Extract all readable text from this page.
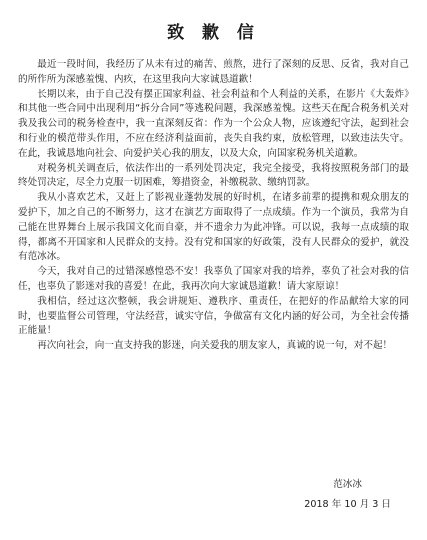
致 歉 信

最近一段时间，我经历了从未有过的痛苦、煎熬，进行了深刻的反思、反省，我对自己的所作所为深感羞愧、内疚，在这里我向大家诚恳道歉！

长期以来，由于自己没有摆正国家利益、社会利益和个人利益的关系，在影片《大轰炸》和其他一些合同中出现利用“拆分合同”等逃税问题，我深感羞愧。这些天在配合税务机关对我及我公司的税务检查中，我一直深刻反省：作为一个公众人物，应该遵纪守法，起到社会和行业的模范带头作用，不应在经济利益面前，丧失自我约束，放松管理，以致违法失守。在此，我诚恳地向社会、向爱护关心我的朋友，以及大众，向国家税务机关道歉。

对税务机关调查后，依法作出的一系列处罚决定，我完全接受，我将按照税务部门的最终处罚决定，尽全力克服一切困难，筹措资金，补缴税款、缴纳罚款。

我从小喜欢艺术，又赶上了影视业蓬勃发展的好时机，在诸多前辈的提携和观众朋友的爱护下，加之自己的不断努力，这才在演艺方面取得了一点成绩。作为一个演员，我常为自己能在世界舞台上展示我国文化而自豪，并不遗余力为此冲锋。可以说，我每一点成绩的取得，都离不开国家和人民群众的支持。没有党和国家的好政策，没有人民群众的爱护，就没有范冰冰。

今天，我对自己的过错深感惶恐不安！我辜负了国家对我的培养，辜负了社会对我的信任，也辜负了影迷对我的喜爱！在此，我再次向大家诚恳道歉！请大家原谅！

我相信，经过这次整顿，我会讲规矩、遵秩序、重责任，在把好的作品献给大家的同时，也要监督公司管理，守法经营，诚实守信，争做富有文化内涵的好公司，为全社会传播正能量！

再次向社会，向一直支持我的影迷，向关爱我的朋友家人，真诚的说一句，对不起！

范冰冰
2018 年 10 月 3 日
